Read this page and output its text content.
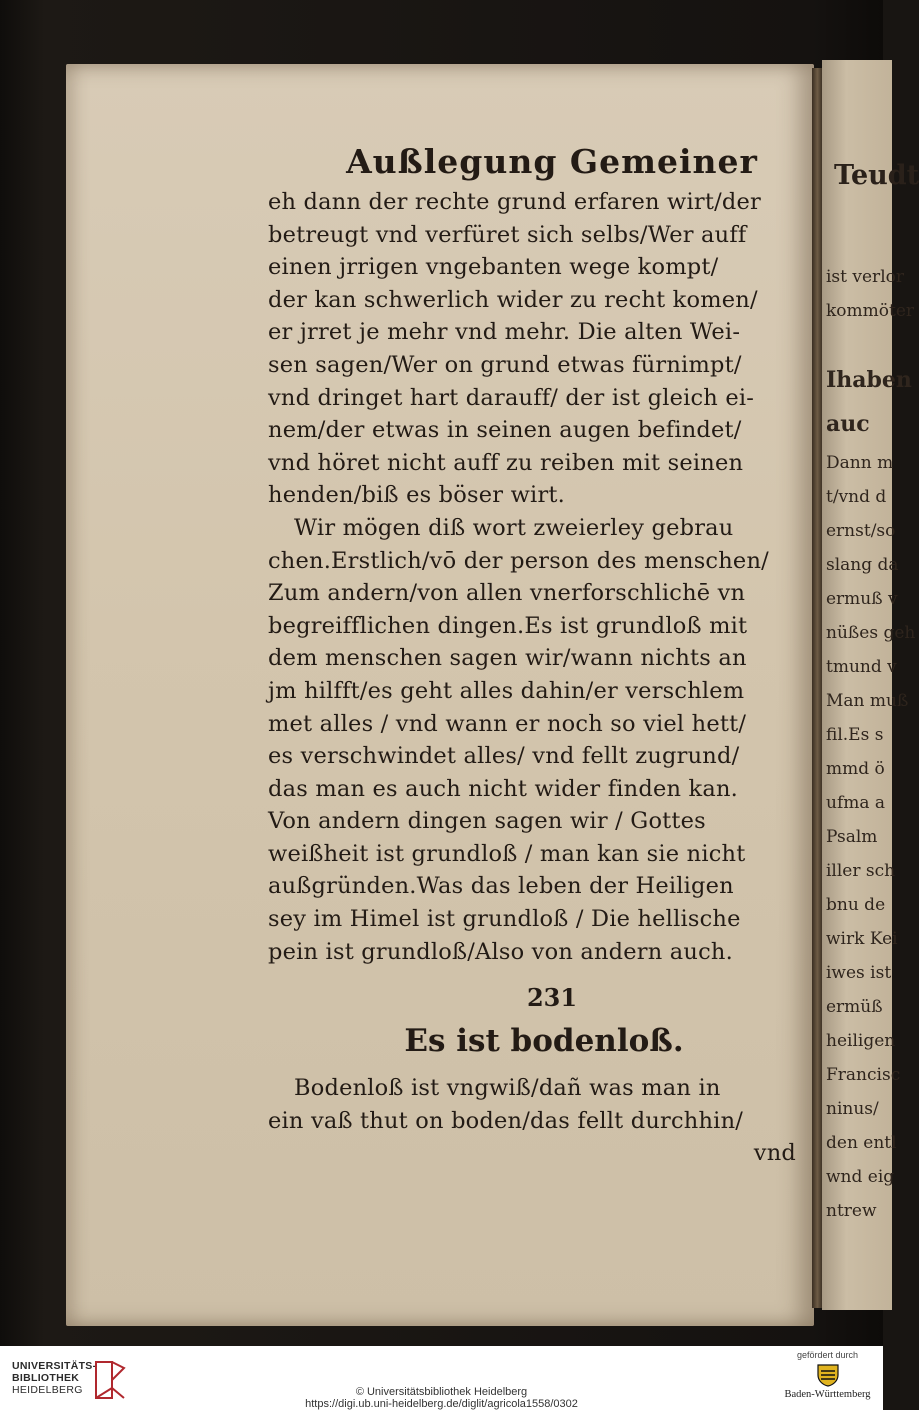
Teudt
ist verlor
kommöter
Ihaben
auc
Dann m
t/vnd d
ernst/so
slang da
ermuß v
nüßes geh
tmund v
Man muß
fil.Es s
mmd ö
ufma a
Psalm
iller sch
bnu de
wirk Kei
iwes ist
ermüß
heiligen
Francisc
ninus/
den entl
wnd eig
ntrew
Außlegung Gemeiner
eh dann der rechte grund erfaren wirt/der
betreugt vnd verfüret sich selbs/Wer auff
einen jrrigen vngebanten wege kompt/
der kan schwerlich wider zu recht komen/
er jrret je mehr vnd mehr. Die alten Wei-
sen sagen/Wer on grund etwas fürnimpt/
vnd dringet hart darauff/ der ist gleich ei-
nem/der etwas in seinen augen befindet/
vnd höret nicht auff zu reiben mit seinen
henden/biß es böser wirt.
Wir mögen diß wort zweierley gebrau
chen.Erstlich/vō der person des menschen/
Zum andern/von allen vnerforschlichē vn
begreifflichen dingen.Es ist grundloß mit
dem menschen sagen wir/wann nichts an
jm hilfft/es geht alles dahin/er verschlem
met alles / vnd wann er noch so viel hett/
es verschwindet alles/ vnd fellt zugrund/
das man es auch nicht wider finden kan.
Von andern dingen sagen wir / Gottes
weißheit ist grundloß / man kan sie nicht
außgründen.Was das leben der Heiligen
sey im Himel ist grundloß / Die hellische
pein ist grundloß/Also von andern auch.
231
Es ist bodenloß.
Bodenloß ist vngwiß/dañ was man in
ein vaß thut on boden/das fellt durchhin/
vnd
UNIVERSITÄTS-
BIBLIOTHEK
HEIDELBERG	© Universitätsbibliothek Heidelberg
https://digi.ub.uni-heidelberg.de/diglit/agricola1558/0302
gefördert durch
Baden-Württemberg
